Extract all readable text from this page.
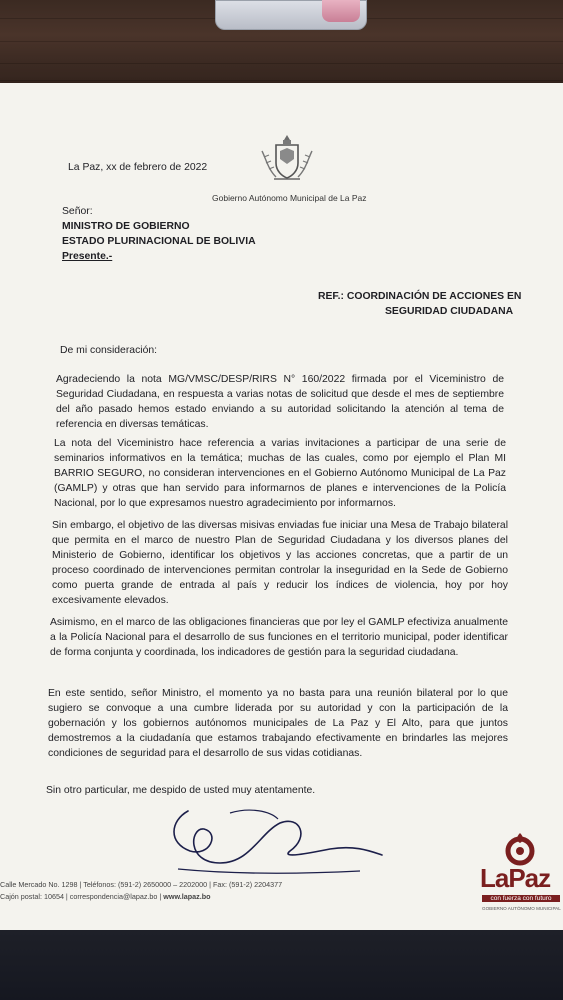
Gobierno Autónomo Municipal de La Paz
La Paz, xx de febrero de 2022
Señor:
MINISTRO DE GOBIERNO
ESTADO PLURINACIONAL DE BOLIVIA
Presente.-
REF.: COORDINACIÓN DE ACCIONES EN
SEGURIDAD CIUDADANA
De mi consideración:
Agradeciendo la nota MG/VMSC/DESP/RIRS N° 160/2022 firmada por el Viceministro de Seguridad Ciudadana, en respuesta a varias notas de solicitud que desde el mes de septiembre del año pasado hemos estado enviando a su autoridad solicitando la atención al tema de referencia en diversas temáticas.
La nota del Viceministro hace referencia a varias invitaciones a participar de una serie de seminarios informativos en la temática; muchas de las cuales, como por ejemplo el Plan MI BARRIO SEGURO, no consideran intervenciones en el Gobierno Autónomo Municipal de La Paz (GAMLP) y otras que han servido para informarnos de planes e intervenciones de la Policía Nacional, por lo que expresamos nuestro agradecimiento por informarnos.
Sin embargo, el objetivo de las diversas misivas enviadas fue iniciar una Mesa de Trabajo bilateral que permita en el marco de nuestro Plan de Seguridad Ciudadana y los diversos planes del Ministerio de Gobierno, identificar los objetivos y las acciones concretas, que a partir de un proceso coordinado de intervenciones permitan controlar la inseguridad en la Sede de Gobierno como puerta grande de entrada al país y reducir los índices de violencia, hoy por hoy excesivamente elevados.
Asimismo, en el marco de las obligaciones financieras que por ley el GAMLP efectiviza anualmente a la Policía Nacional para el desarrollo de sus funciones en el territorio municipal, poder identificar de forma conjunta y coordinada, los indicadores de gestión para la seguridad ciudadana.
En este sentido, señor Ministro, el momento ya no basta para una reunión bilateral por lo que sugiero se convoque a una cumbre liderada por su autoridad y con la participación de la gobernación y los gobiernos autónomos municipales de La Paz y El Alto, para que juntos demostremos a la ciudadanía que estamos trabajando efectivamente en brindarles las mejores condiciones de seguridad para el desarrollo de sus vidas cotidianas.
Sin otro particular, me despido de usted muy atentamente.
Calle Mercado No. 1298 | Teléfonos: (591-2) 2650000 – 2202000 | Fax: (591-2) 2204377
Cajón postal: 10654 | correspondencia@lapaz.bo | www.lapaz.bo
LaPaz
con fuerza con futuro
GOBIERNO AUTÓNOMO MUNICIPAL
